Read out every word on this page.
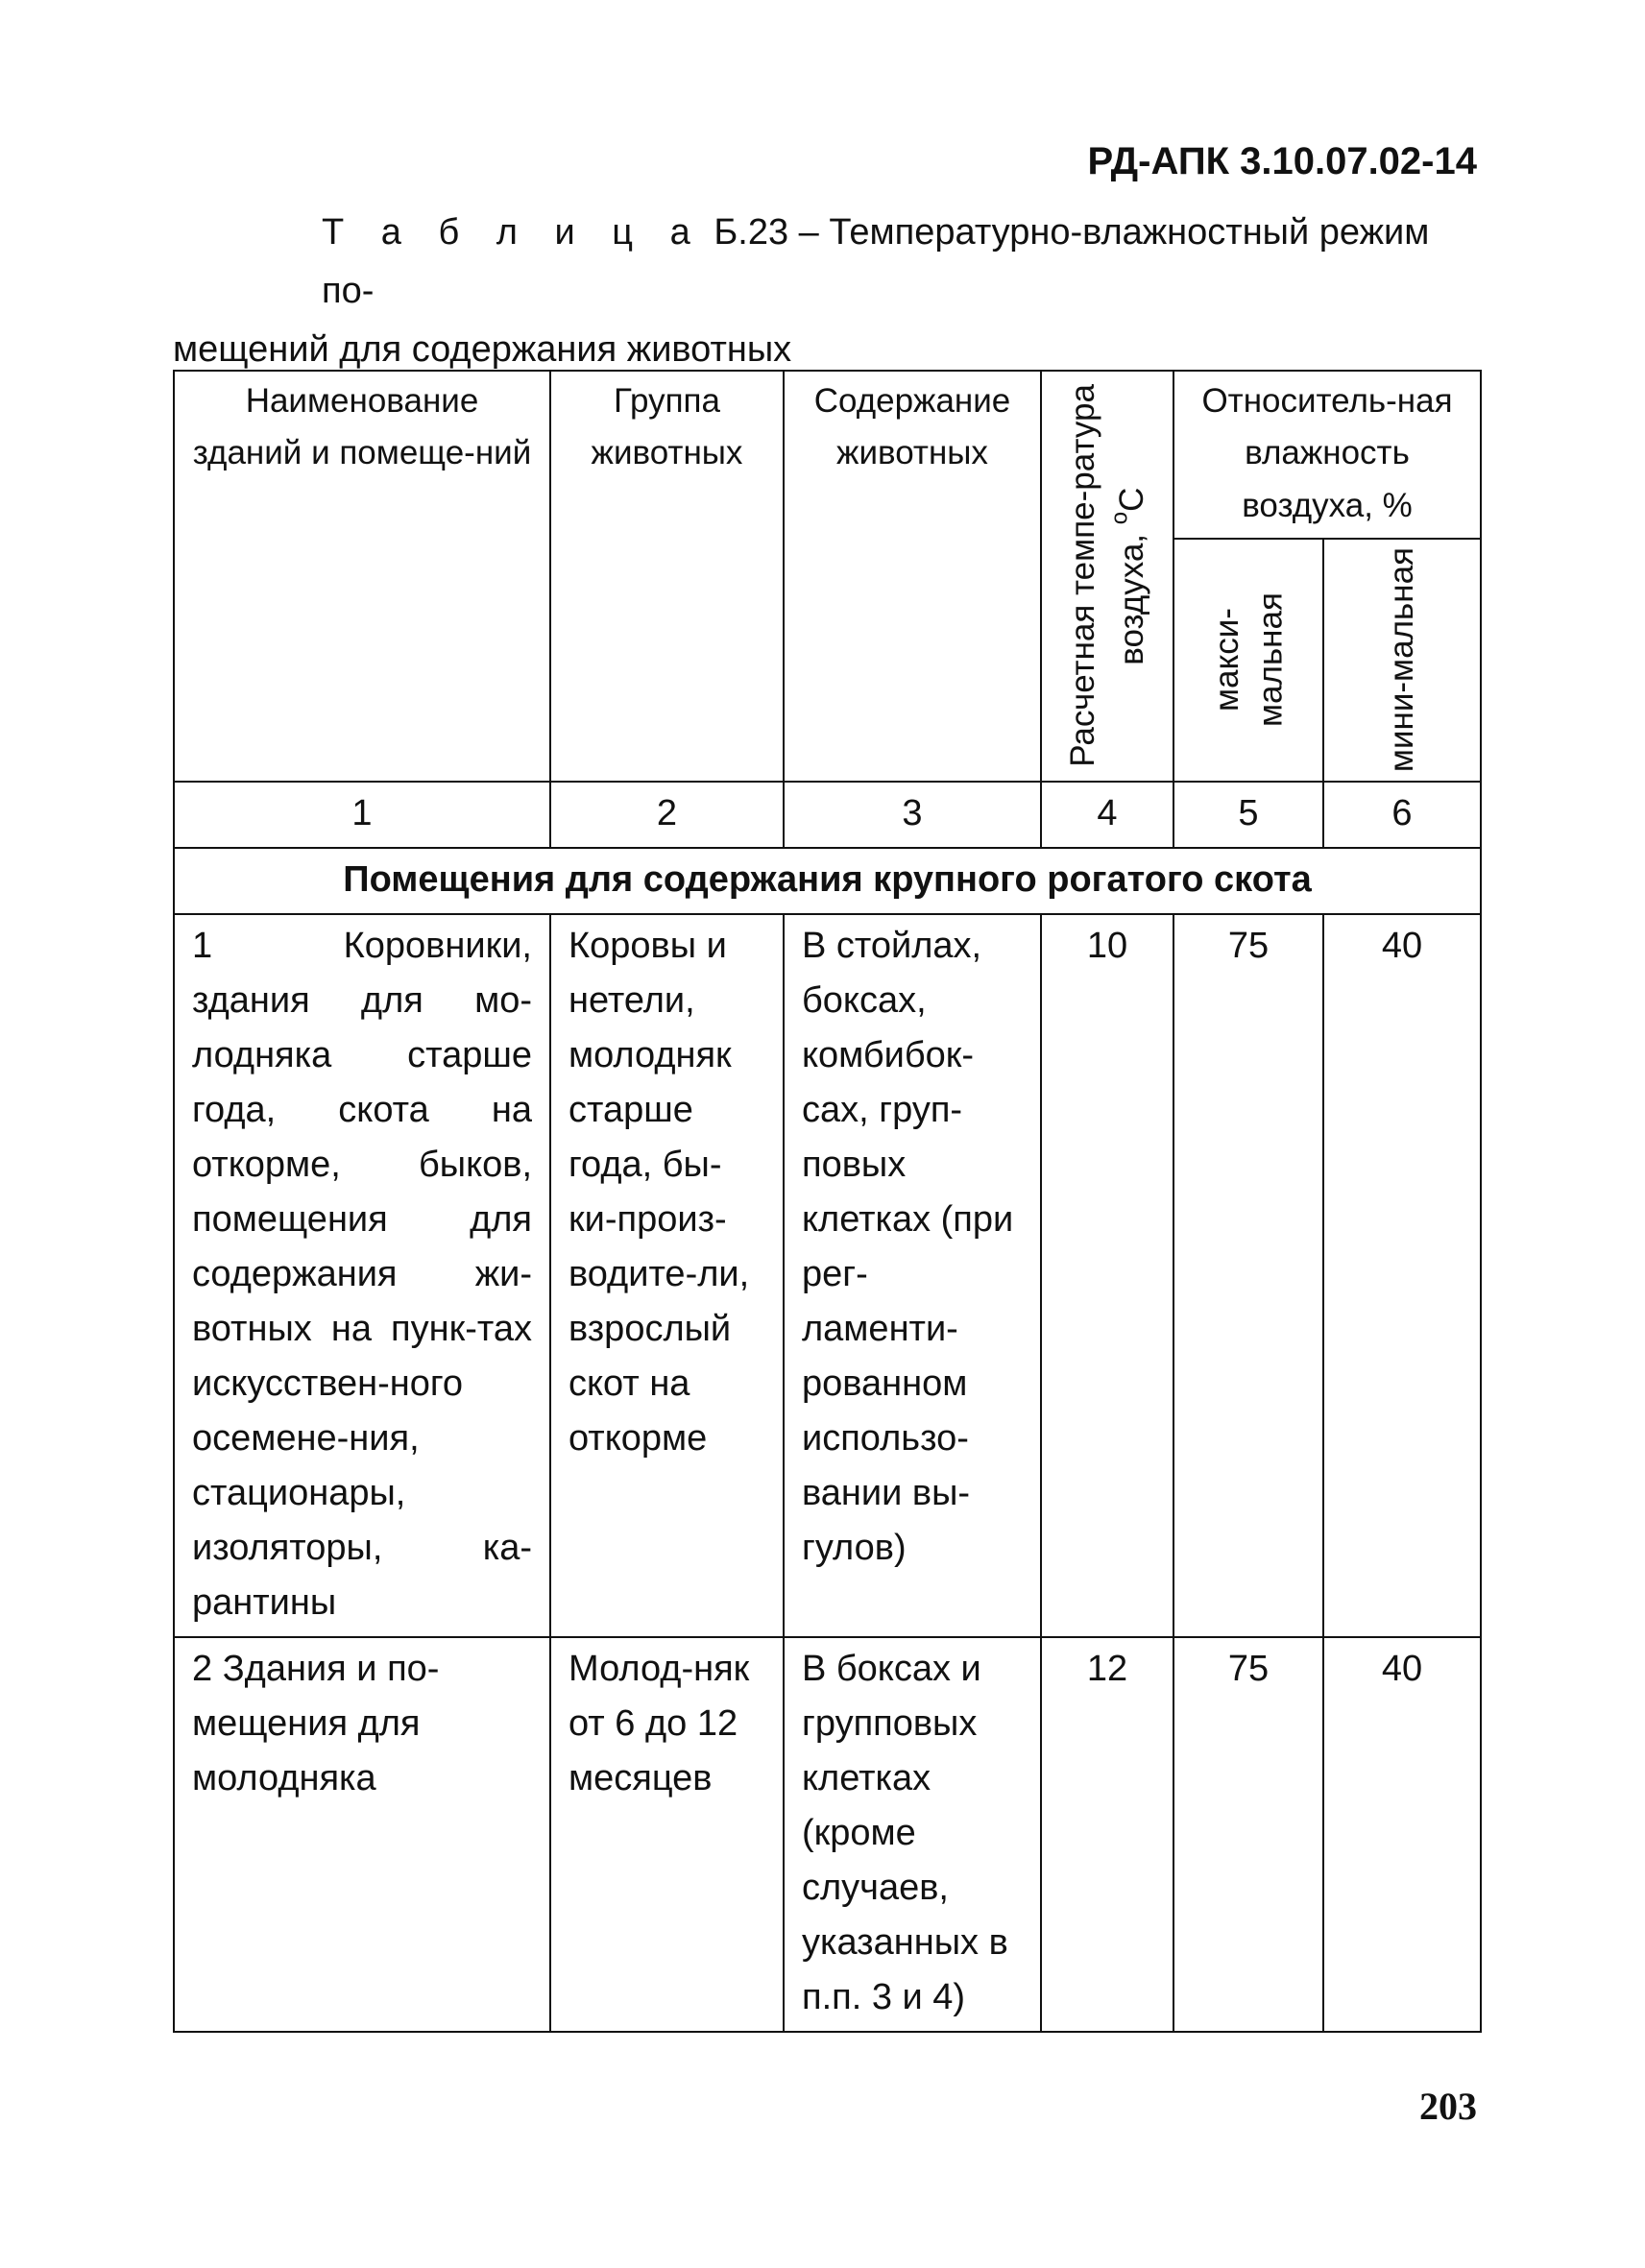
РД-АПК 3.10.07.02-14

Т а б л и ц а Б.23 – Температурно-влажностный режим по-
мещений для содержания животных

Наименование зданий и помеще-ний	Группа животных	Содержание животных	Расчетная темпе-ратура воздуха, $^o$C	Относитель-ная влажность воздуха, %	

				макси-мальная	мини-мальная

1	2	3	4	5	6
Помещения для содержания крупного рогатого скота					
1 Коровники, здания для мо-лодняка старше года, скота на откорме, быков, помещения для содержания жи-вотных на пунк-тах искусствен-ного осемене-ния, стационары, изоляторы, ка-рантины	Коровы и нетели, молодняк старше года, бы-ки-произ-водите-ли, взрослый скот на откорме	В стойлах, боксах, комбибок-сах, груп-повых клетках (при рег-ламенти-рованном использо-вании вы-гулов)	10	75	40
2 Здания и по-мещения для молодняка	Молод-няк от 6 до 12 месяцев	В боксах и групповых клетках (кроме случаев, указанных в п.п. 3 и 4)	12	75	40

203
